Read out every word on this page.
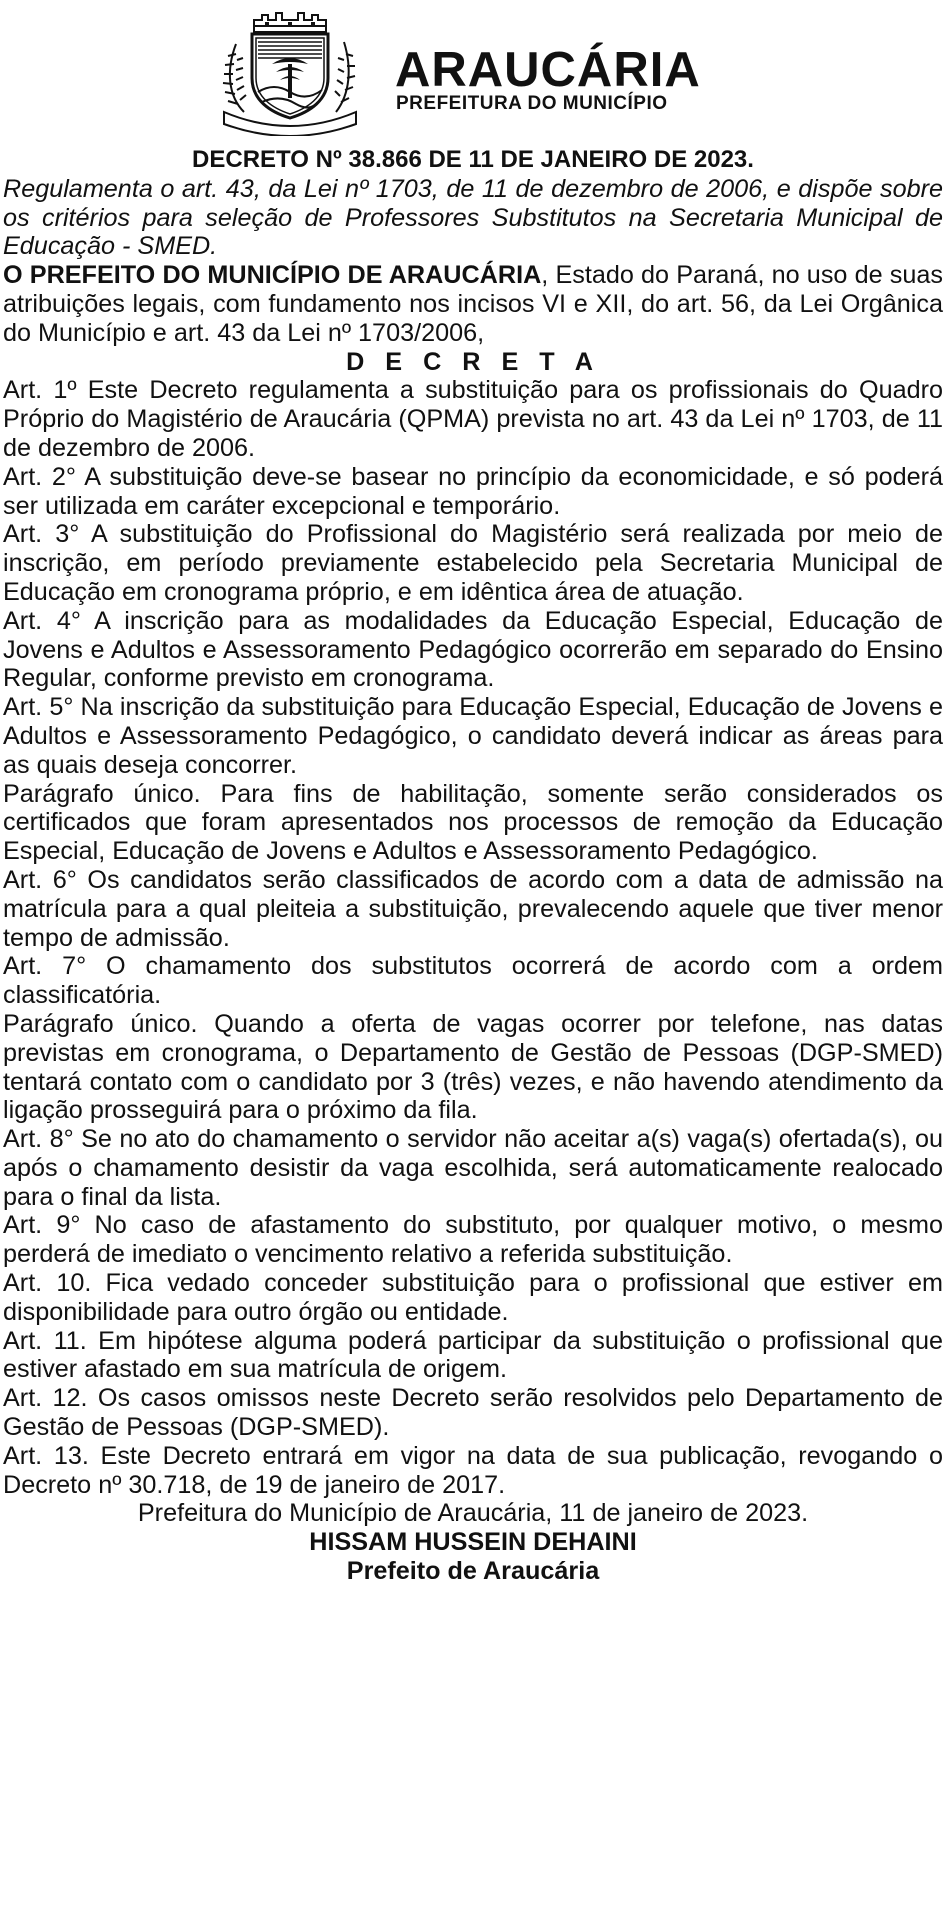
ARAUCÁRIA
PREFEITURA DO MUNICÍPIO

DECRETO Nº 38.866 DE 11 DE JANEIRO DE 2023.

Regulamenta o art. 43, da Lei nº 1703, de 11 de dezembro de 2006, e dispõe sobre os critérios para seleção de Professores Substitutos na Secretaria Municipal de Educação - SMED.

O PREFEITO DO MUNICÍPIO DE ARAUCÁRIA, Estado do Paraná, no uso de suas atribuições legais, com fundamento nos incisos VI e XII, do art. 56, da Lei Orgânica do Município e art. 43 da Lei nº 1703/2006,

D E C R E T A

Art. 1º Este Decreto regulamenta a substituição para os profissionais do Quadro Próprio do Magistério de Araucária (QPMA) prevista no art. 43 da Lei nº 1703, de 11 de dezembro de 2006.

Art. 2° A substituição deve-se basear no princípio da economicidade, e só poderá ser utilizada em caráter excepcional e temporário.

Art. 3° A substituição do Profissional do Magistério será realizada por meio de inscrição, em período previamente estabelecido pela Secretaria Municipal de Educação em cronograma próprio, e em idêntica área de atuação.

Art. 4° A inscrição para as modalidades da Educação Especial, Educação de Jovens e Adultos e Assessoramento Pedagógico ocorrerão em separado do Ensino Regular, conforme previsto em cronograma.

Art. 5° Na inscrição da substituição para Educação Especial, Educação de Jovens e Adultos e Assessoramento Pedagógico, o candidato deverá indicar as áreas para as quais deseja concorrer.

Parágrafo único. Para fins de habilitação, somente serão considerados os certificados que foram apresentados nos processos de remoção da Educação Especial, Educação de Jovens e Adultos e Assessoramento Pedagógico.

Art. 6° Os candidatos serão classificados de acordo com a data de admissão na matrícula para a qual pleiteia a substituição, prevalecendo aquele que tiver menor tempo de admissão.

Art. 7° O chamamento dos substitutos ocorrerá de acordo com a ordem classificatória.

Parágrafo único. Quando a oferta de vagas ocorrer por telefone, nas datas previstas em cronograma, o Departamento de Gestão de Pessoas (DGP-SMED) tentará contato com o candidato por 3 (três) vezes, e não havendo atendimento da ligação prosseguirá para o próximo da fila.

Art. 8° Se no ato do chamamento o servidor não aceitar a(s) vaga(s) ofertada(s), ou após o chamamento desistir da vaga escolhida, será automaticamente realocado para o final da lista.

Art. 9° No caso de afastamento do substituto, por qualquer motivo, o mesmo perderá de imediato o vencimento relativo a referida substituição.

Art. 10. Fica vedado conceder substituição para o profissional que estiver em disponibilidade para outro órgão ou entidade.

Art. 11. Em hipótese alguma poderá participar da substituição o profissional que estiver afastado em sua matrícula de origem.

Art. 12. Os casos omissos neste Decreto serão resolvidos pelo Departamento de Gestão de Pessoas (DGP-SMED).

Art. 13. Este Decreto entrará em vigor na data de sua publicação, revogando o Decreto nº 30.718, de 19 de janeiro de 2017.

Prefeitura do Município de Araucária, 11 de janeiro de 2023.

HISSAM HUSSEIN DEHAINI

Prefeito de Araucária
